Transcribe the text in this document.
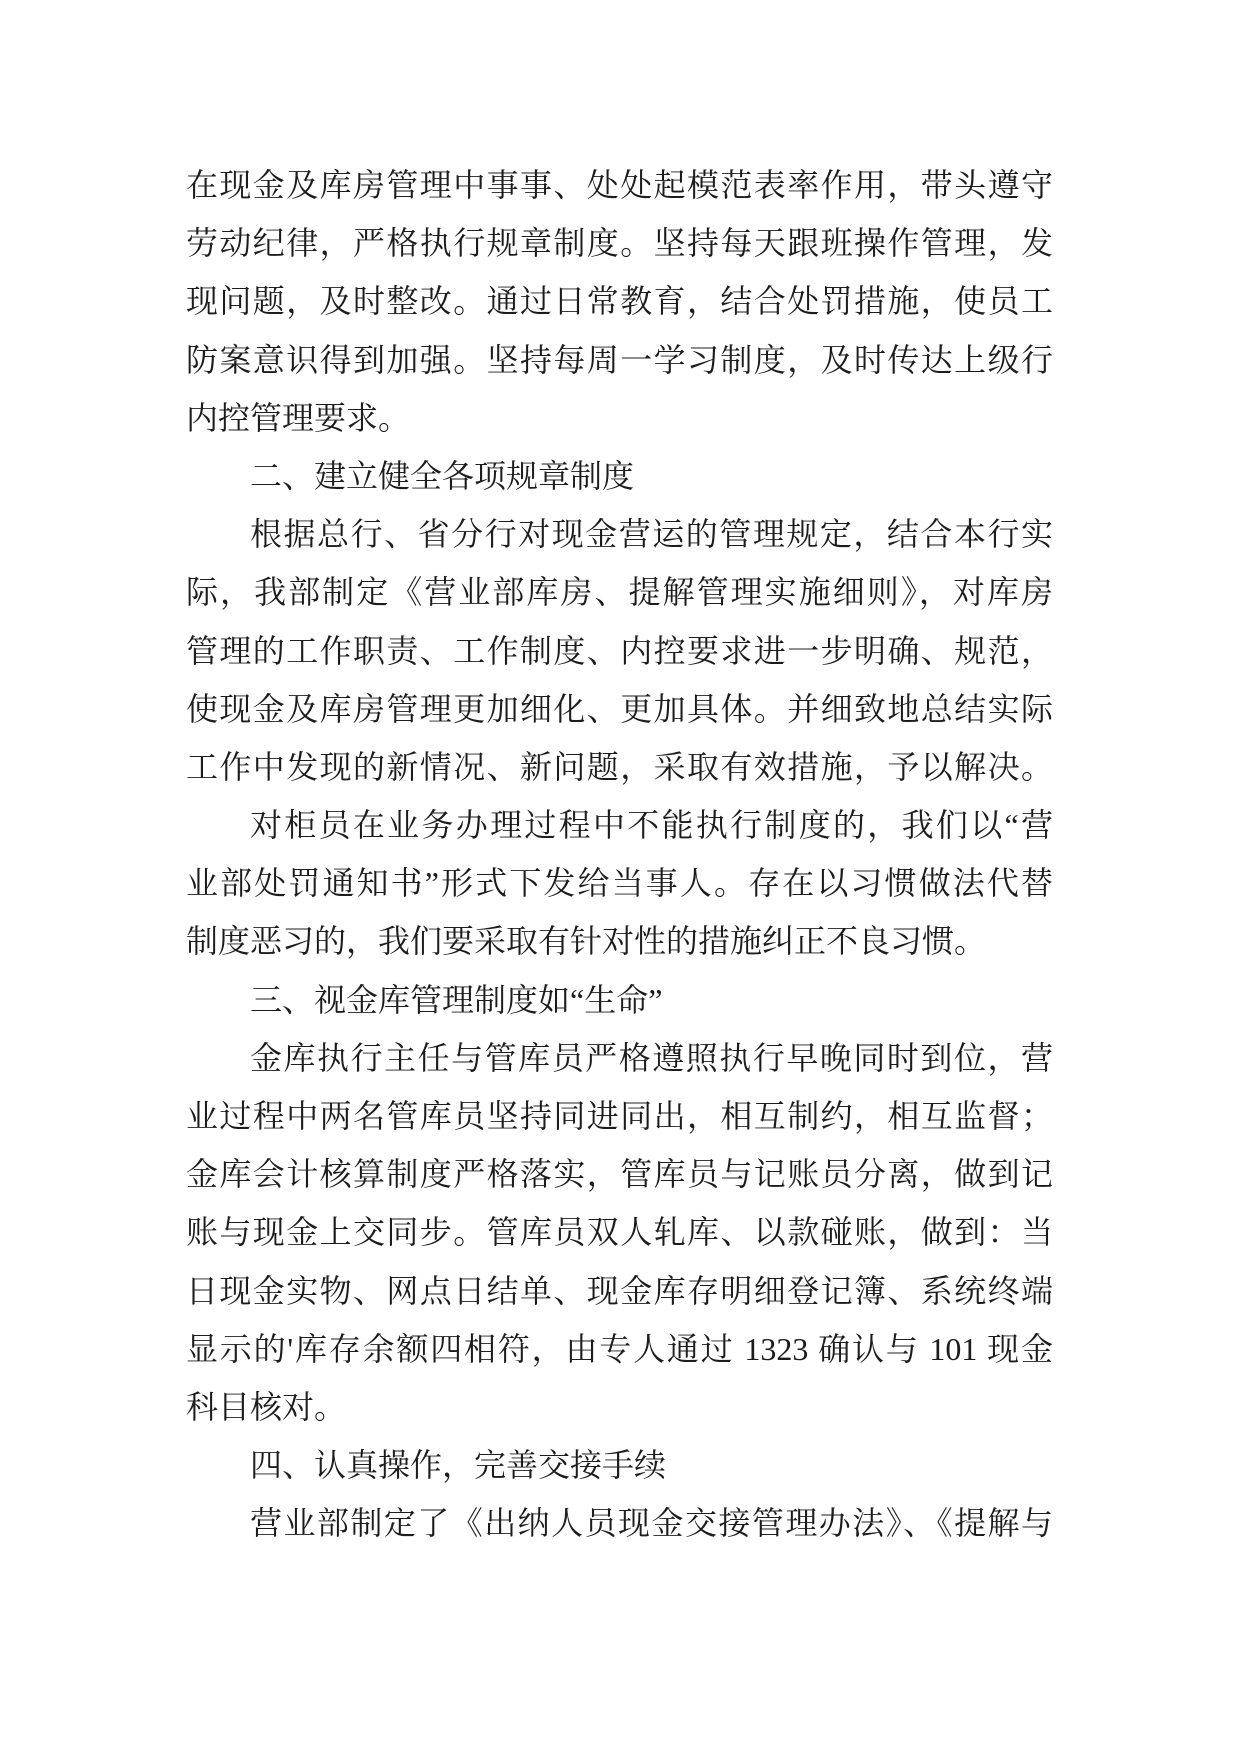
在现金及库房管理中事事、处处起模范表率作用，带头遵守
劳动纪律，严格执行规章制度。坚持每天跟班操作管理，发
现问题，及时整改。通过日常教育，结合处罚措施，使员工
防案意识得到加强。坚持每周一学习制度，及时传达上级行
内控管理要求。
二、建立健全各项规章制度
根据总行、省分行对现金营运的管理规定，结合本行实
际，我部制定《营业部库房、提解管理实施细则》，对库房
管理的工作职责、工作制度、内控要求进一步明确、规范，
使现金及库房管理更加细化、更加具体。并细致地总结实际
工作中发现的新情况、新问题，采取有效措施，予以解决。
对柜员在业务办理过程中不能执行制度的，我们以“营
业部处罚通知书”形式下发给当事人。存在以习惯做法代替
制度恶习的，我们要采取有针对性的措施纠正不良习惯。
三、视金库管理制度如“生命”
金库执行主任与管库员严格遵照执行早晚同时到位，营
业过程中两名管库员坚持同进同出，相互制约，相互监督；
金库会计核算制度严格落实，管库员与记账员分离，做到记
账与现金上交同步。管库员双人轧库、以款碰账，做到：当
日现金实物、网点日结单、现金库存明细登记簿、系统终端
显示的'库存余额四相符，由专人通过 1323 确认与 101 现金
科目核对。
四、认真操作，完善交接手续
营业部制定了《出纳人员现金交接管理办法》、《提解与
